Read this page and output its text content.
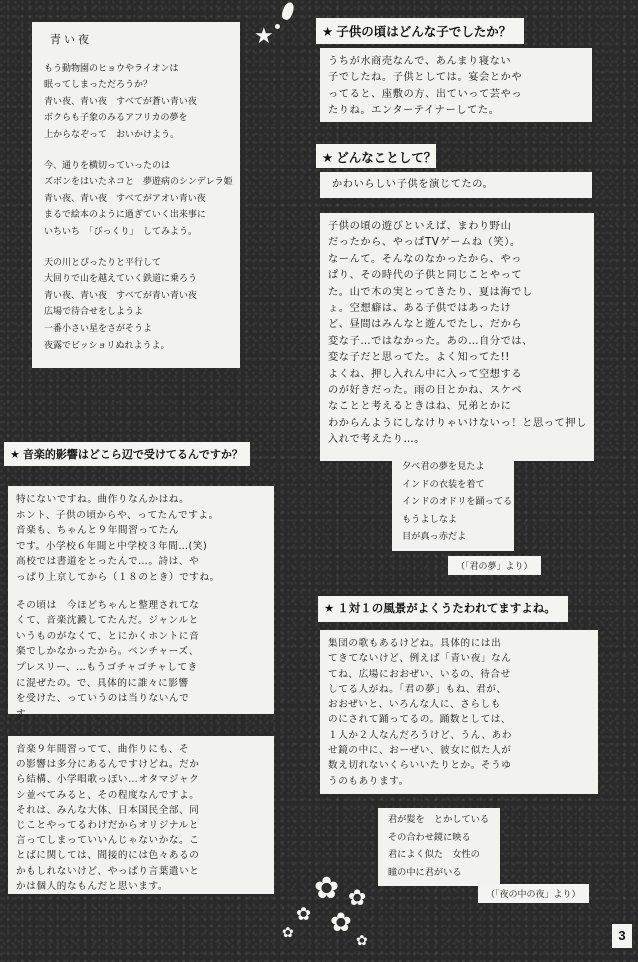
青い夜
もう動物園のヒョウやライオンは
眠ってしまっただろうか？
青い夜、青い夜　すべてが蒼い青い夜
ボクらも子象のみるアフリカの夢を
上からなぞって　おいかけよう。
今、通りを横切っていったのは
ズボンをはいたネコと　夢遊病のシンデレラ姫
青い夜、青い夜　すべてがアオい青い夜
まるで絵本のように過ぎていく出来事に
いちいち　「びっくり」　してみよう。
天の川とぴったりと平行して
大回りで山を越えていく鉄道に乗ろう
青い夜、青い夜　すべてが青い青い夜
広場で待合せをしようよ
一番小さい星をさがそうよ
夜露でビッショリぬれようよ。
★	★ 子供の頃はどんな子でしたか？
うちが水商売なんで、あんまり寝ない
子でしたね。子供としては。宴会とかや
ってると、座敷の方、出ていって芸やっ
たりね。エンターテイナーしてた。
★ どんなことして？
かわいらしい子供を演じてたの。
子供の頃の遊びといえば、まわり野山
だったから、やっぱTVゲームね（笑）。
なーんて。そんなのなかったから、やっ
ぱり、その時代の子供と同じことやって
た。山で木の実とってきたり、夏は海でし
ょ。空想癖は、ある子供ではあったけ
ど、昼間はみんなと遊んでたし、だから
変な子…ではなかった。あの…自分では、
変な子だと思ってた。よく知ってた!!
よくね、押し入れん中に入って空想する
のが好きだった。雨の日とかね、スケベ
なことと考えるときはね、兄弟とかに
わからんようにしなけりゃいけないっ！と思って押し
入れで考えたり…。
★ 音楽的影響はどこら辺で受けてるんですか？
特にないですね。曲作りなんかはね。
ホント、子供の頃からや、ってたんですよ。
音楽も、ちゃんと９年間習ってたん
です。小学校６年間と中学校３年間…(笑)
高校では書道をとったんで…。詩は、や
っぱり上京してから（１８のとき）ですね。
その頃は　今ほどちゃんと整理されてな
くて、音楽沈澱してたんだ。ジャンルと
いうものがなくて、とにかくホントに音
楽でしかなかったから。ベンチャーズ、
プレスリー、…もうゴチャゴチャしてき
に混ぜたの。で、具体的に誰々に影響
を受けた、っていうのは当りないんで
す。
音楽９年間習ってて、曲作りにも、そ
の影響は多分にあるんですけどね。だか
ら結構、小学唱歌っぽい…オタマジャク
シ並べてみると、その程度なんですよ。
それは、みんな大体、日本国民全部、同
じことやってるわけだからオリジナルと
言ってしまっていいんじゃないかな。こ
とばに関しては、間接的には色々あるの
かもしれないけど、やっぱり言葉遣いと
かは個人的なもんだと思います。
夕べ君の夢を見たよ
インドの衣装を着て
インドのオドリを踊ってる
もうよしなよ
目が真っ赤だよ
（「君の夢」より）
★ １対１の風景がよくうたわれてますよね。
集団の歌もあるけどね。具体的には出
てきてないけど、例えば「青い夜」なん
てね、広場におおぜい、いるの、待合せ
してる人がね。「君の夢」もね、君が、
おおぜいと、いろんな人に、さらしも
のにされて踊ってるの。踊数としては、
１人か２人なんだろうけど、うん、あわ
せ鏡の中に、おーぜい、彼女に似た人が
数え切れないくらいいたりとか。そうゆ
うのもあります。
君が髪を　とかしている
その合わせ鏡に映る
君によく似た　女性の
瞳の中に君がいる
（「夜の中の夜」より）
✿ ✿
✿
✿
✿	✿	3
